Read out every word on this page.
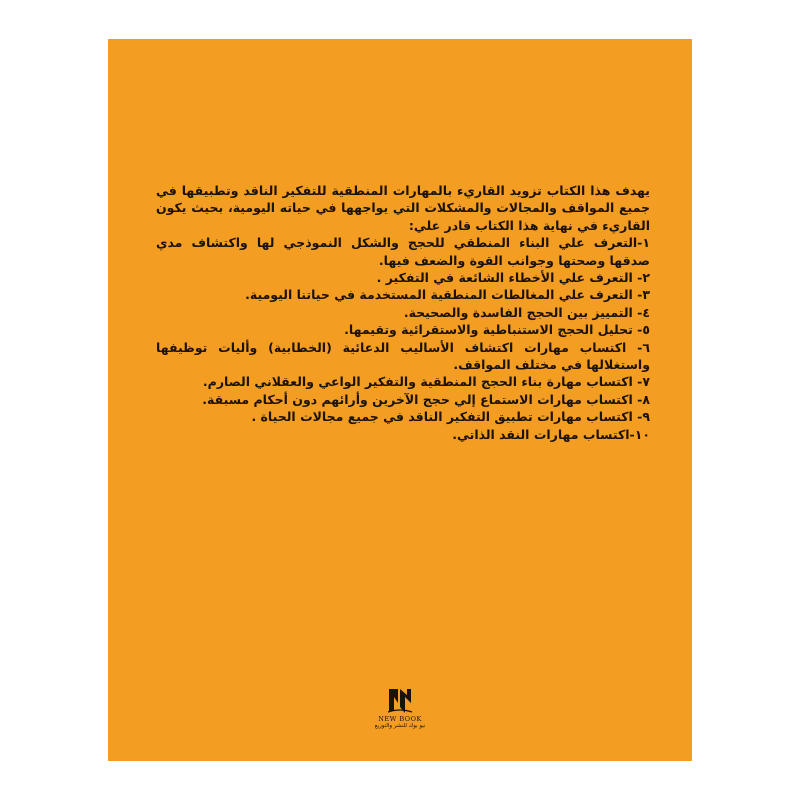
يهدف هذا الكتاب تزويد القاريء بالمهارات المنطقية للتفكير الناقد وتطبيقها في جميع المواقف والمجالات والمشكلات التي يواجهها في حياته اليومية، بحيث يكون القاريء في نهاية هذا الكتاب قادر علي:

١-التعرف علي البناء المنطقي للحجج والشكل النموذجي لها واكتشاف مدي صدقها وصحتها وجوانب القوة والضعف فيها.

٢- التعرف علي الأخطاء الشائعة في التفكير .

٣- التعرف علي المغالطات المنطقية المستخدمة في حياتنا اليومية.

٤- التمييز بين الحجج الفاسدة والصحيحة.

٥- تحليل الحجج الاستنباطية والاستقرائية وتقيمها.

٦- اكتساب مهارات اكتشاف الأساليب الدعائية (الخطابية) وأليات توظيفها واستغلالها في مختلف المواقف.

٧- اكتساب مهارة بناء الحجج المنطقية والتفكير الواعي والعقلاني الصارم.

٨- اكتساب مهارات الاستماع إلي حجج الآخرين وأرائهم دون أحكام مسبقة.

٩- اكتساب مهارات تطبيق التفكير الناقد في جميع مجالات الحياة .

١٠-اكتساب مهارات النقد الذاتي.

NEW BOOK
نيو بوك للنشر والتوزيع
